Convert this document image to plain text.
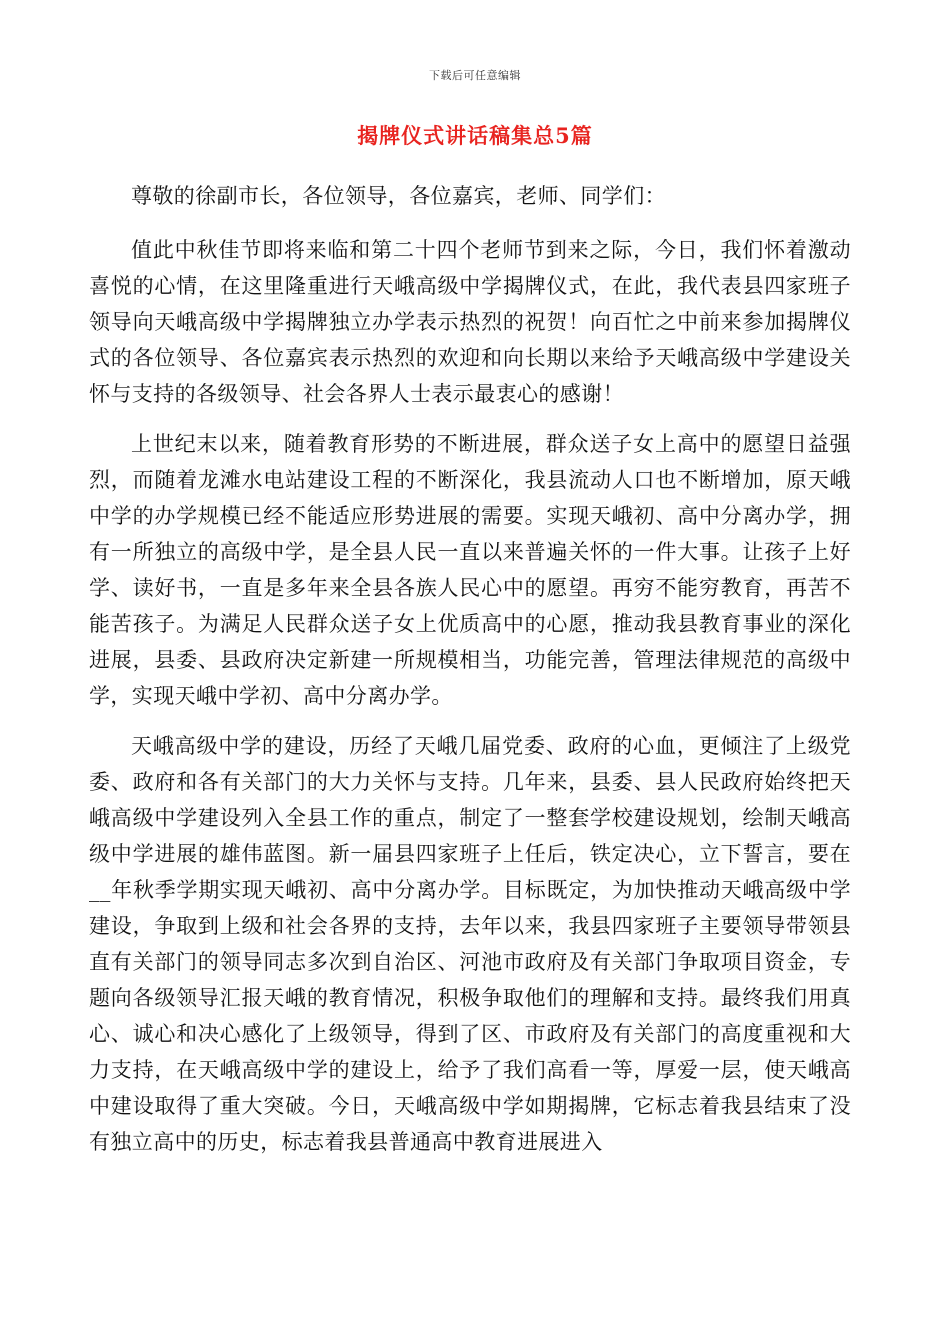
下载后可任意编辑
揭牌仪式讲话稿集总5篇

尊敬的徐副市长，各位领导，各位嘉宾，老师、同学们：

值此中秋佳节即将来临和第二十四个老师节到来之际，今日，我们怀着激动喜悦的心情，在这里隆重进行天峨高级中学揭牌仪式，在此，我代表县四家班子领导向天峨高级中学揭牌独立办学表示热烈的祝贺！向百忙之中前来参加揭牌仪式的各位领导、各位嘉宾表示热烈的欢迎和向长期以来给予天峨高级中学建设关怀与支持的各级领导、社会各界人士表示最衷心的感谢！

上世纪末以来，随着教育形势的不断进展，群众送子女上高中的愿望日益强烈，而随着龙滩水电站建设工程的不断深化，我县流动人口也不断增加，原天峨中学的办学规模已经不能适应形势进展的需要。实现天峨初、高中分离办学，拥有一所独立的高级中学，是全县人民一直以来普遍关怀的一件大事。让孩子上好学、读好书，一直是多年来全县各族人民心中的愿望。再穷不能穷教育，再苦不能苦孩子。为满足人民群众送子女上优质高中的心愿，推动我县教育事业的深化进展，县委、县政府决定新建一所规模相当，功能完善，管理法律规范的高级中学，实现天峨中学初、高中分离办学。

天峨高级中学的建设，历经了天峨几届党委、政府的心血，更倾注了上级党委、政府和各有关部门的大力关怀与支持。几年来，县委、县人民政府始终把天峨高级中学建设列入全县工作的重点，制定了一整套学校建设规划，绘制天峨高级中学进展的雄伟蓝图。新一届县四家班子上任后，铁定决心，立下誓言，要在__年秋季学期实现天峨初、高中分离办学。目标既定，为加快推动天峨高级中学建设，争取到上级和社会各界的支持，去年以来，我县四家班子主要领导带领县直有关部门的领导同志多次到自治区、河池市政府及有关部门争取项目资金，专题向各级领导汇报天峨的教育情况，积极争取他们的理解和支持。最终我们用真心、诚心和决心感化了上级领导，得到了区、市政府及有关部门的高度重视和大力支持，在天峨高级中学的建设上，给予了我们高看一等，厚爱一层，使天峨高中建设取得了重大突破。今日，天峨高级中学如期揭牌，它标志着我县结束了没有独立高中的历史，标志着我县普通高中教育进展进入
